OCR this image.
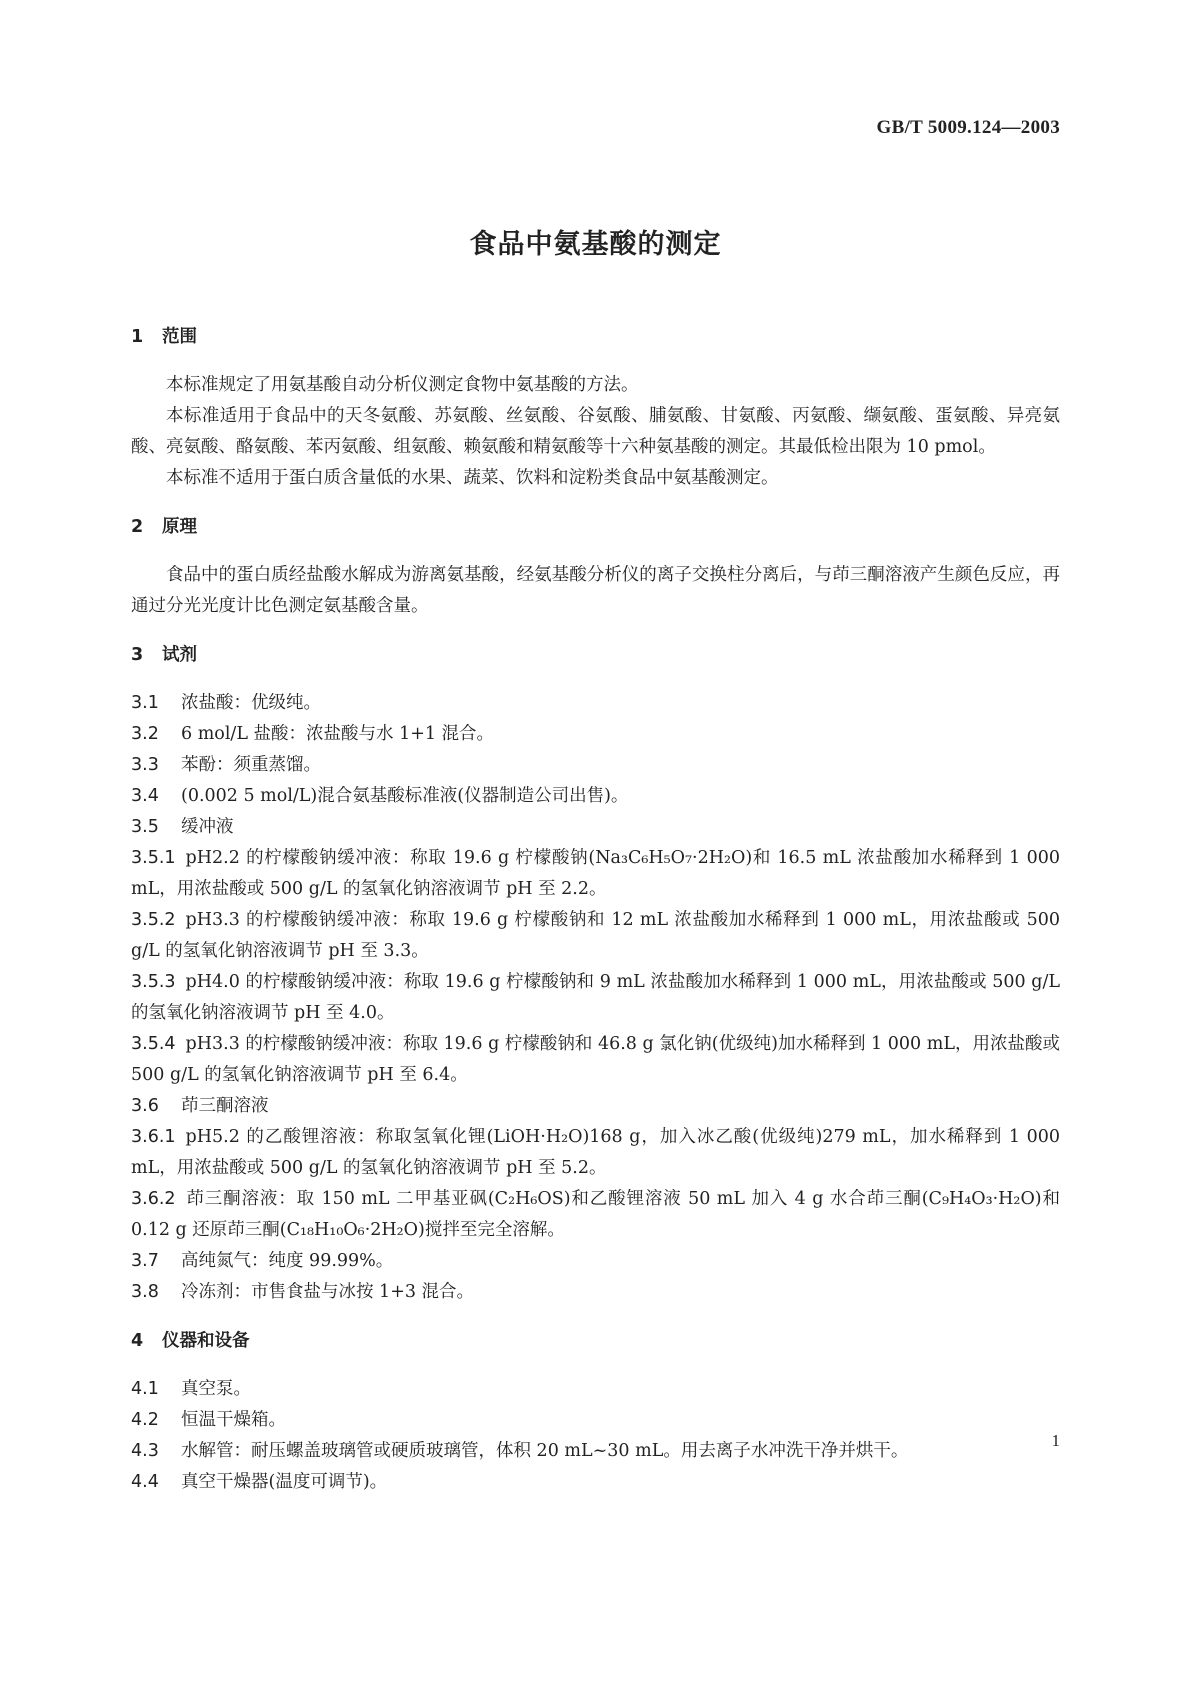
GB/T 5009.124—2003
食品中氨基酸的测定
1 范围
本标准规定了用氨基酸自动分析仪测定食物中氨基酸的方法。
本标准适用于食品中的天冬氨酸、苏氨酸、丝氨酸、谷氨酸、脯氨酸、甘氨酸、丙氨酸、缬氨酸、蛋氨酸、异亮氨酸、亮氨酸、酪氨酸、苯丙氨酸、组氨酸、赖氨酸和精氨酸等十六种氨基酸的测定。其最低检出限为 10 pmol。
本标准不适用于蛋白质含量低的水果、蔬菜、饮料和淀粉类食品中氨基酸测定。
2 原理
食品中的蛋白质经盐酸水解成为游离氨基酸，经氨基酸分析仪的离子交换柱分离后，与茚三酮溶液产生颜色反应，再通过分光光度计比色测定氨基酸含量。
3 试剂
3.1 浓盐酸：优级纯。
3.2 6 mol/L 盐酸：浓盐酸与水 1+1 混合。
3.3 苯酚：须重蒸馏。
3.4 (0.002 5 mol/L)混合氨基酸标准液(仪器制造公司出售)。
3.5 缓冲液
3.5.1 pH2.2 的柠檬酸钠缓冲液：称取 19.6 g 柠檬酸钠(Na₃C₆H₅O₇·2H₂O)和 16.5 mL 浓盐酸加水稀释到 1 000 mL，用浓盐酸或 500 g/L 的氢氧化钠溶液调节 pH 至 2.2。
3.5.2 pH3.3 的柠檬酸钠缓冲液：称取 19.6 g 柠檬酸钠和 12 mL 浓盐酸加水稀释到 1 000 mL，用浓盐酸或 500 g/L 的氢氧化钠溶液调节 pH 至 3.3。
3.5.3 pH4.0 的柠檬酸钠缓冲液：称取 19.6 g 柠檬酸钠和 9 mL 浓盐酸加水稀释到 1 000 mL，用浓盐酸或 500 g/L 的氢氧化钠溶液调节 pH 至 4.0。
3.5.4 pH3.3 的柠檬酸钠缓冲液：称取 19.6 g 柠檬酸钠和 46.8 g 氯化钠(优级纯)加水稀释到 1 000 mL，用浓盐酸或 500 g/L 的氢氧化钠溶液调节 pH 至 6.4。
3.6 茚三酮溶液
3.6.1 pH5.2 的乙酸锂溶液：称取氢氧化锂(LiOH·H₂O)168 g，加入冰乙酸(优级纯)279 mL，加水稀释到 1 000 mL，用浓盐酸或 500 g/L 的氢氧化钠溶液调节 pH 至 5.2。
3.6.2 茚三酮溶液：取 150 mL 二甲基亚砜(C₂H₆OS)和乙酸锂溶液 50 mL 加入 4 g 水合茚三酮(C₉H₄O₃·H₂O)和 0.12 g 还原茚三酮(C₁₈H₁₀O₆·2H₂O)搅拌至完全溶解。
3.7 高纯氮气：纯度 99.99%。
3.8 冷冻剂：市售食盐与冰按 1+3 混合。
4 仪器和设备
4.1 真空泵。
4.2 恒温干燥箱。
4.3 水解管：耐压螺盖玻璃管或硬质玻璃管，体积 20 mL~30 mL。用去离子水冲洗干净并烘干。
4.4 真空干燥器(温度可调节)。
1
